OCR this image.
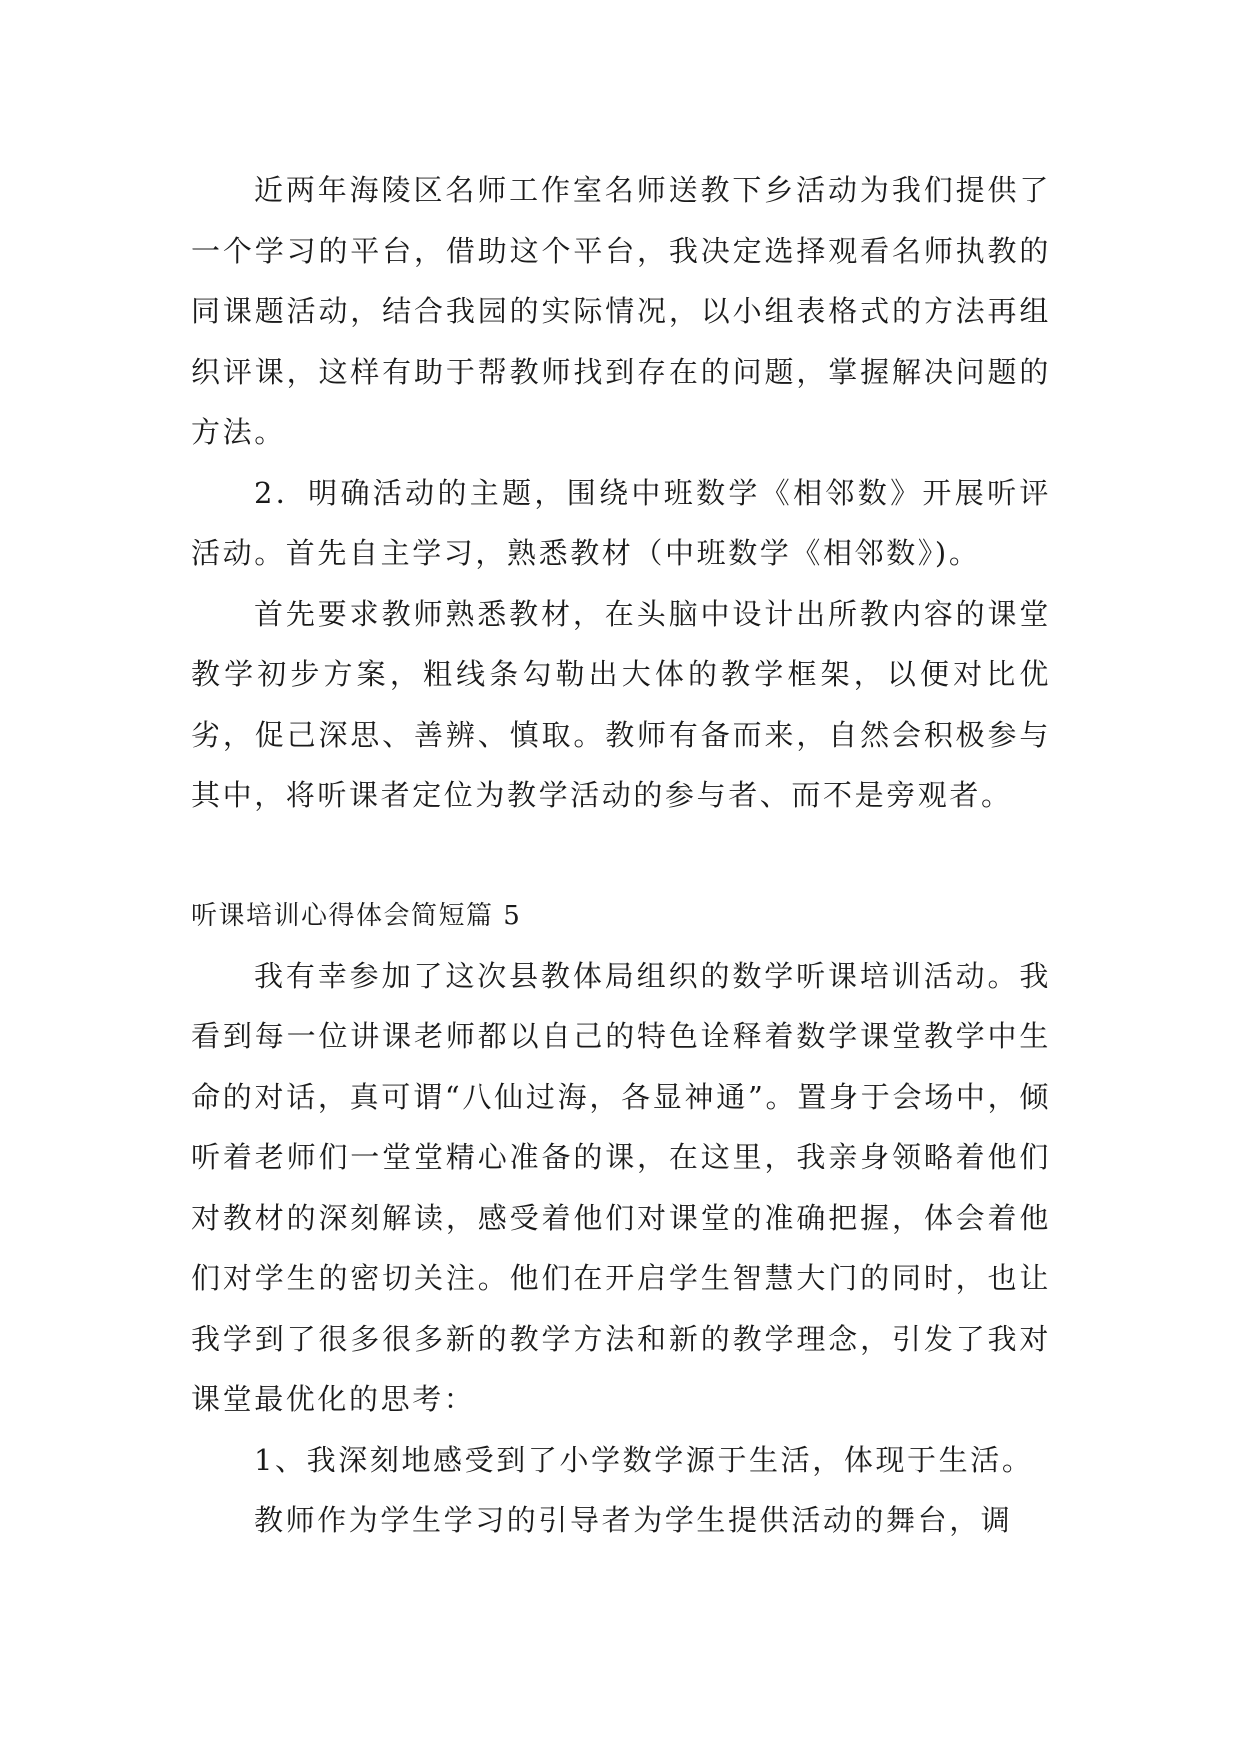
近两年海陵区名师工作室名师送教下乡活动为我们提供了一个学习的平台，借助这个平台，我决定选择观看名师执教的同课题活动，结合我园的实际情况，以小组表格式的方法再组织评课，这样有助于帮教师找到存在的问题，掌握解决问题的方法。

2．明确活动的主题，围绕中班数学《相邻数》开展听评活动。首先自主学习，熟悉教材（中班数学《相邻数》)。

首先要求教师熟悉教材，在头脑中设计出所教内容的课堂教学初步方案，粗线条勾勒出大体的教学框架，以便对比优劣，促己深思、善辨、慎取。教师有备而来，自然会积极参与其中，将听课者定位为教学活动的参与者、而不是旁观者。

听课培训心得体会简短篇 5

我有幸参加了这次县教体局组织的数学听课培训活动。我看到每一位讲课老师都以自己的特色诠释着数学课堂教学中生命的对话，真可谓“八仙过海，各显神通”。置身于会场中，倾听着老师们一堂堂精心准备的课，在这里，我亲身领略着他们对教材的深刻解读，感受着他们对课堂的准确把握，体会着他们对学生的密切关注。他们在开启学生智慧大门的同时，也让我学到了很多很多新的教学方法和新的教学理念，引发了我对课堂最优化的思考：

1、我深刻地感受到了小学数学源于生活，体现于生活。

教师作为学生学习的引导者为学生提供活动的舞台，调
